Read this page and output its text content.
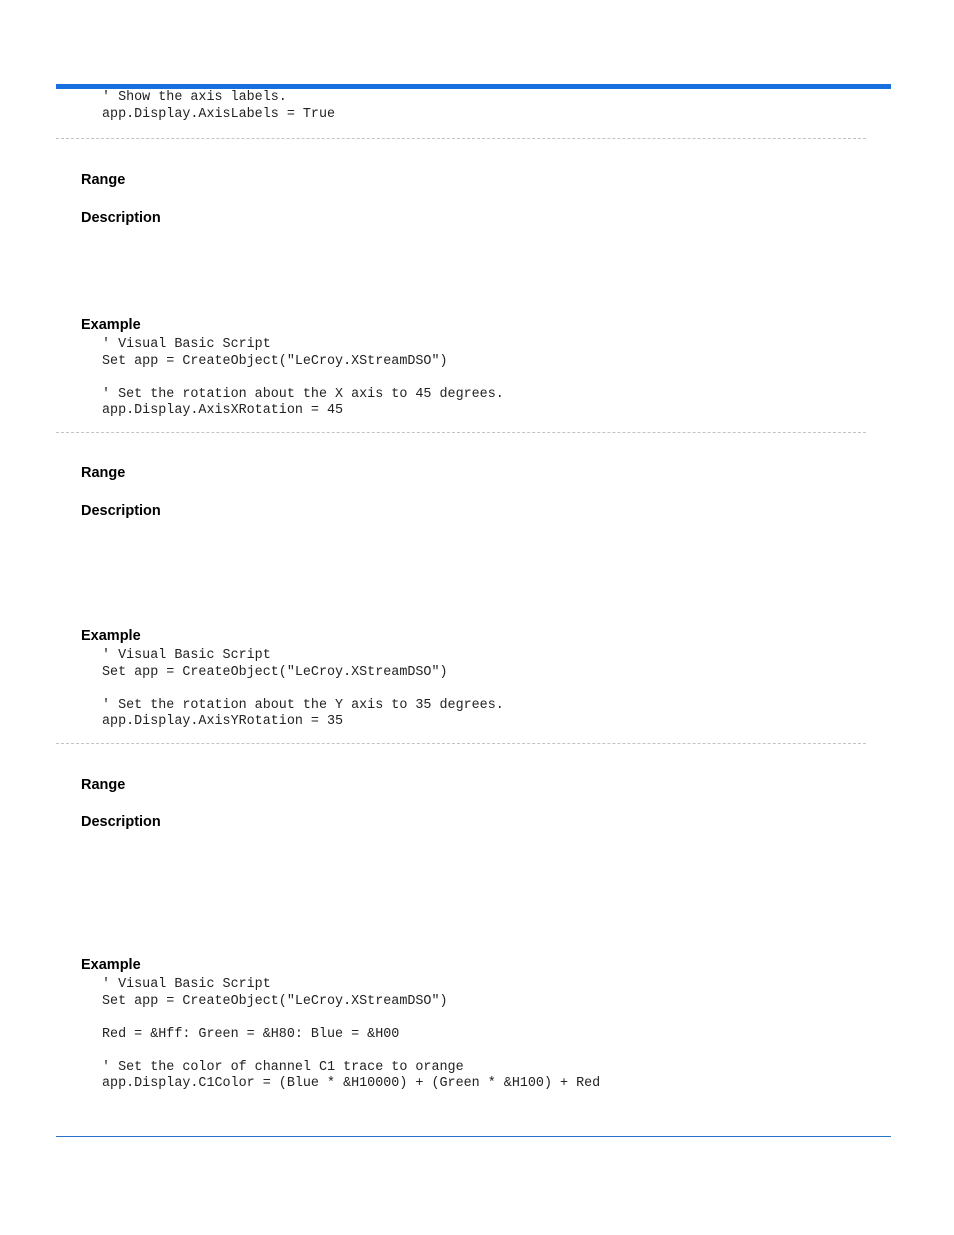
' Show the axis labels.
app.Display.AxisLabels = True
Range
Description
Example
' Visual Basic Script
Set app = CreateObject("LeCroy.XStreamDSO")
' Set the rotation about the X axis to 45 degrees.
app.Display.AxisXRotation = 45
Range
Description
Example
' Visual Basic Script
Set app = CreateObject("LeCroy.XStreamDSO")
' Set the rotation about the Y axis to 35 degrees.
app.Display.AxisYRotation = 35
Range
Description
Example
' Visual Basic Script
Set app = CreateObject("LeCroy.XStreamDSO")
Red = &Hff: Green = &H80: Blue = &H00
' Set the color of channel C1 trace to orange
app.Display.C1Color = (Blue * &H10000) + (Green * &H100) + Red
